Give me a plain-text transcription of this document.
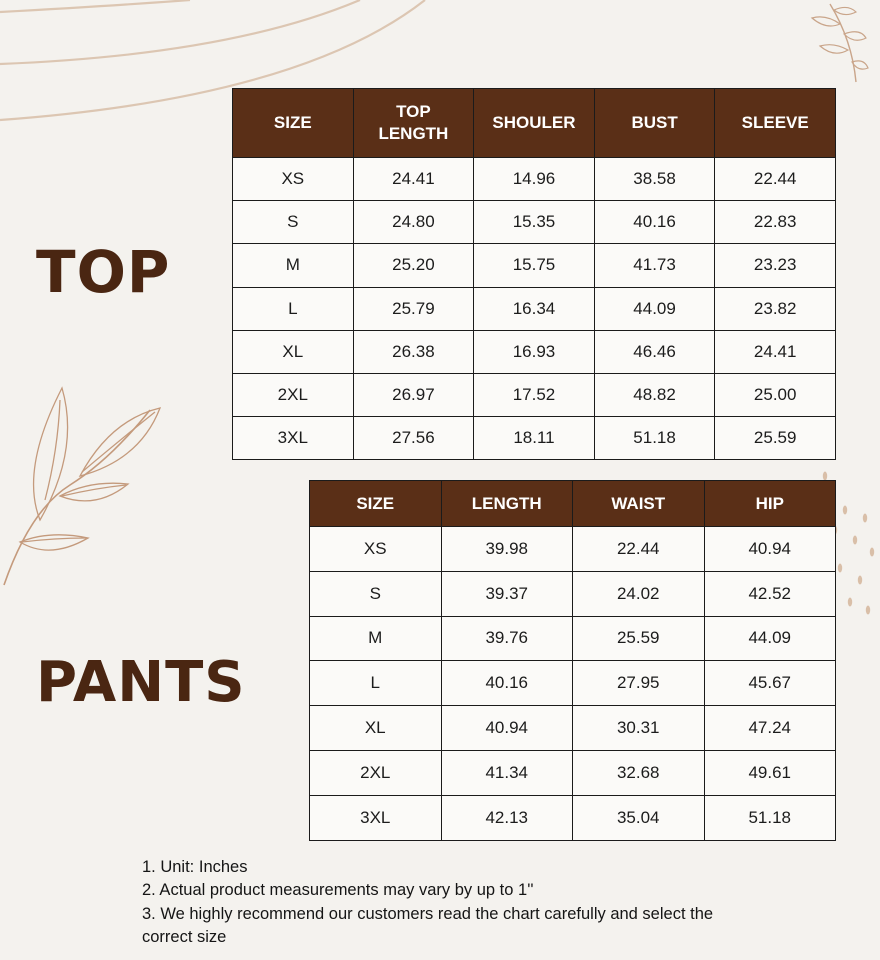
TOP
PANTS
SIZE	TOP LENGTH	SHOULER	BUST	SLEEVE
XS	24.41	14.96	38.58	22.44
S	24.80	15.35	40.16	22.83
M	25.20	15.75	41.73	23.23
L	25.79	16.34	44.09	23.82
XL	26.38	16.93	46.46	24.41
2XL	26.97	17.52	48.82	25.00
3XL	27.56	18.11	51.18	25.59
SIZE	LENGTH	WAIST	HIP
XS	39.98	22.44	40.94
S	39.37	24.02	42.52
M	39.76	25.59	44.09
L	40.16	27.95	45.67
XL	40.94	30.31	47.24
2XL	41.34	32.68	49.61
3XL	42.13	35.04	51.18
1. Unit: Inches
2. Actual product measurements may vary by up to 1''
3. We highly recommend our customers read the chart carefully and select the correct size
